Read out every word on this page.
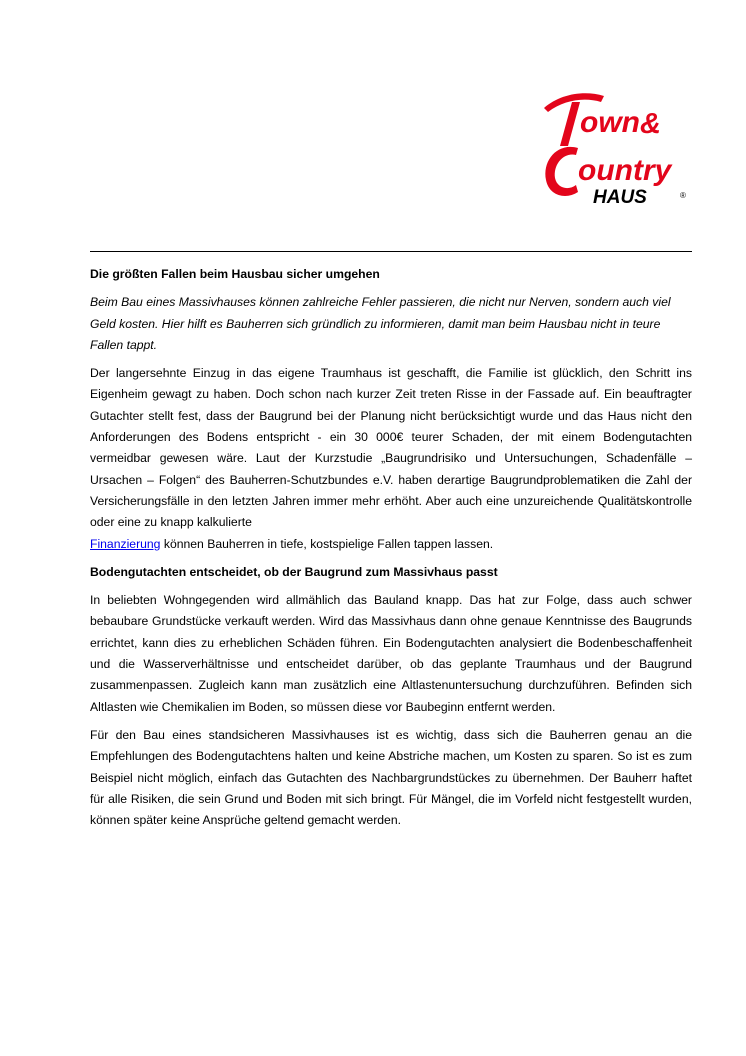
own &
ountry
HAUS	®

Die größten Fallen beim Hausbau sicher umgehen

Beim Bau eines Massivhauses können zahlreiche Fehler passieren, die nicht nur Nerven, sondern auch viel Geld kosten. Hier hilft es Bauherren sich gründlich zu informieren, damit man beim Hausbau nicht in teure Fallen tappt.

Der langersehnte Einzug in das eigene Traumhaus ist geschafft, die Familie ist glücklich, den Schritt ins Eigenheim gewagt zu haben. Doch schon nach kurzer Zeit treten Risse in der Fassade auf. Ein beauftragter Gutachter stellt fest, dass der Baugrund bei der Planung nicht berücksichtigt wurde und das Haus nicht den Anforderungen des Bodens entspricht - ein 30 000€ teurer Schaden, der mit einem Bodengutachten vermeidbar gewesen wäre. Laut der Kurzstudie „Baugrundrisiko und Untersuchungen, Schadenfälle – Ursachen – Folgen“ des Bauherren-Schutzbundes e.V. haben derartige Baugrundproblematiken die Zahl der Versicherungsfälle in den letzten Jahren immer mehr erhöht. Aber auch eine unzureichende Qualitätskontrolle oder eine zu knapp kalkulierte
Finanzierung können Bauherren in tiefe, kostspielige Fallen tappen lassen.

Bodengutachten entscheidet, ob der Baugrund zum Massivhaus passt

In beliebten Wohngegenden wird allmählich das Bauland knapp. Das hat zur Folge, dass auch schwer bebaubare Grundstücke verkauft werden. Wird das Massivhaus dann ohne genaue Kenntnisse des Baugrunds errichtet, kann dies zu erheblichen Schäden führen. Ein Bodengutachten analysiert die Bodenbeschaffenheit und die Wasserverhältnisse und entscheidet darüber, ob das geplante Traumhaus und der Baugrund zusammenpassen. Zugleich kann man zusätzlich eine Altlastenuntersuchung durchzuführen. Befinden sich Altlasten wie Chemikalien im Boden, so müssen diese vor Baubeginn entfernt werden.

Für den Bau eines standsicheren Massivhauses ist es wichtig, dass sich die Bauherren genau an die Empfehlungen des Bodengutachtens halten und keine Abstriche machen, um Kosten zu sparen. So ist es zum Beispiel nicht möglich, einfach das Gutachten des Nachbargrundstückes zu übernehmen. Der Bauherr haftet für alle Risiken, die sein Grund und Boden mit sich bringt. Für Mängel, die im Vorfeld nicht festgestellt wurden, können später keine Ansprüche geltend gemacht werden.
